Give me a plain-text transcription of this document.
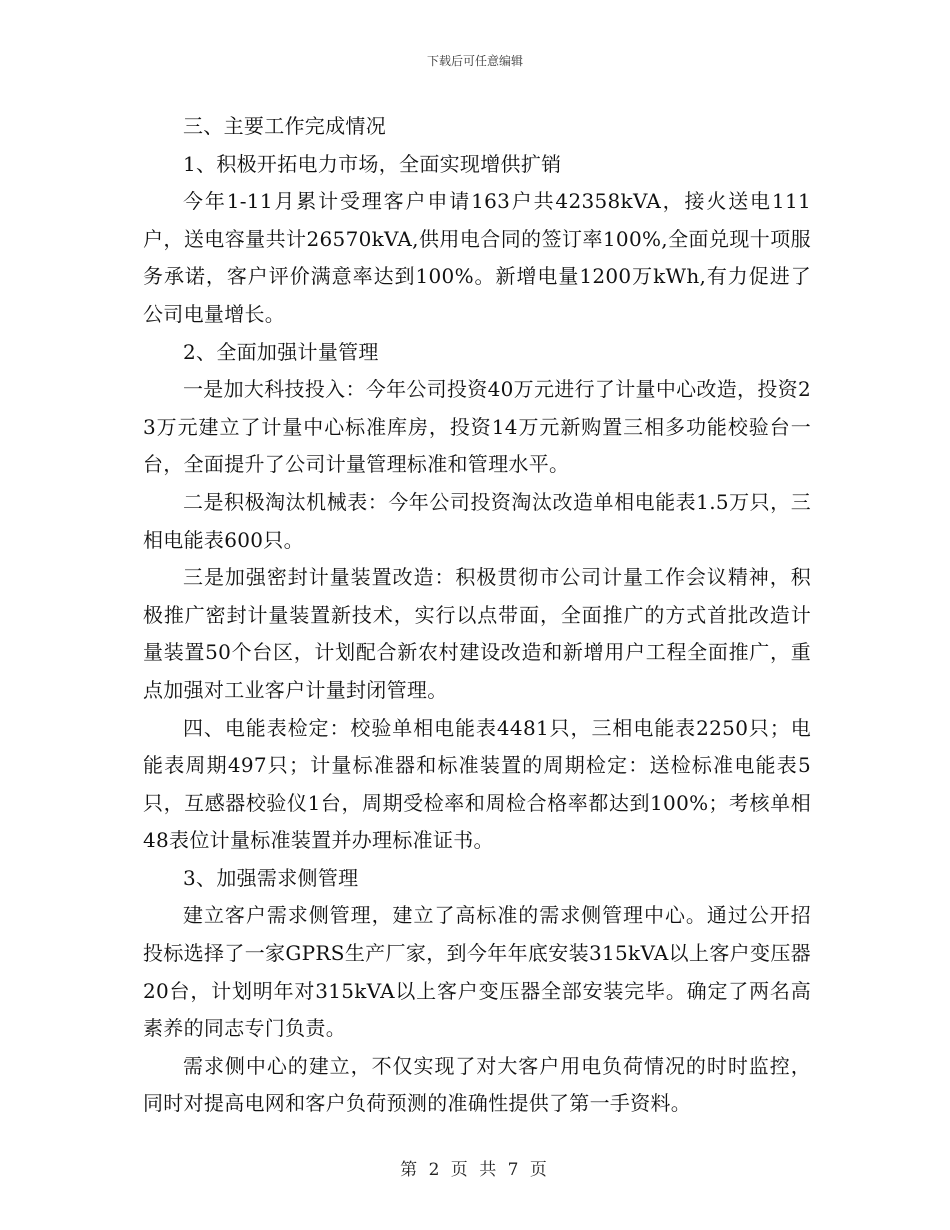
下载后可任意编辑

三、主要工作完成情况

1、积极开拓电力市场，全面实现增供扩销

今年1-11月累计受理客户申请163户共42358kVA，接火送电111户，送电容量共计26570kVA,供用电合同的签订率100%,全面兑现十项服务承诺，客户评价满意率达到100%。新增电量1200万kWh,有力促进了公司电量增长。

2、全面加强计量管理

一是加大科技投入：今年公司投资40万元进行了计量中心改造，投资23万元建立了计量中心标准库房，投资14万元新购置三相多功能校验台一台，全面提升了公司计量管理标准和管理水平。

二是积极淘汰机械表：今年公司投资淘汰改造单相电能表1.5万只，三相电能表600只。

三是加强密封计量装置改造：积极贯彻市公司计量工作会议精神，积极推广密封计量装置新技术，实行以点带面，全面推广的方式首批改造计量装置50个台区，计划配合新农村建设改造和新增用户工程全面推广，重点加强对工业客户计量封闭管理。

四、电能表检定：校验单相电能表4481只，三相电能表2250只；电能表周期497只；计量标准器和标准装置的周期检定：送检标准电能表5只，互感器校验仪1台，周期受检率和周检合格率都达到100%；考核单相48表位计量标准装置并办理标准证书。

3、加强需求侧管理

建立客户需求侧管理，建立了高标准的需求侧管理中心。通过公开招投标选择了一家GPRS生产厂家，到今年年底安装315kVA以上客户变压器20台，计划明年对315kVA以上客户变压器全部安装完毕。确定了两名高素养的同志专门负责。

需求侧中心的建立，不仅实现了对大客户用电负荷情况的时时监控，同时对提高电网和客户负荷预测的准确性提供了第一手资料。

第 2 页 共 7 页
